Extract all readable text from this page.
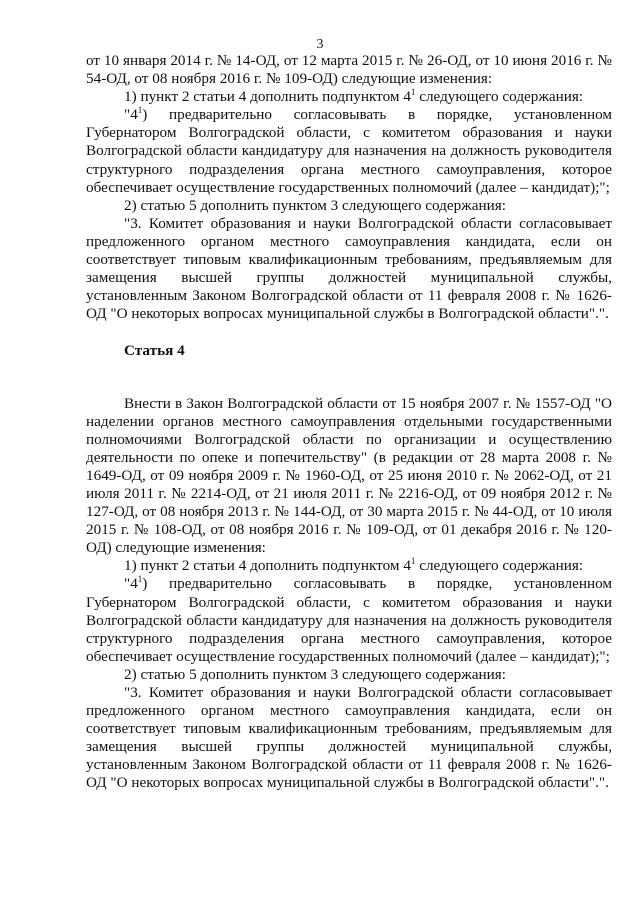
3

от 10 января 2014 г. № 14-ОД, от 12 марта 2015 г. № 26-ОД, от 10 июня 2016 г. № 54-ОД, от 08 ноября 2016 г. № 109-ОД) следующие изменения:

1) пункт 2 статьи 4 дополнить подпунктом $4^1$ следующего содержания:

"$4^1$) предварительно согласовывать в порядке, установленном Губернатором Волгоградской области, с комитетом образования и науки Волгоградской области кандидатуру для назначения на должность руководителя структурного подразделения органа местного самоуправления, которое обеспечивает осуществление государственных полномочий (далее – кандидат);";

2) статью 5 дополнить пунктом 3 следующего содержания:

"3. Комитет образования и науки Волгоградской области согласовывает предложенного органом местного самоуправления кандидата, если он соответствует типовым квалификационным требованиям, предъявляемым для замещения высшей группы должностей муниципальной службы, установленным Законом Волгоградской области от 11 февраля 2008 г. № 1626-ОД "О некоторых вопросах муниципальной службы в Волгоградской области".".

Статья 4

Внести в Закон Волгоградской области от 15 ноября 2007 г. № 1557-ОД "О наделении органов местного самоуправления отдельными государственными полномочиями Волгоградской области по организации и осуществлению деятельности по опеке и попечительству" (в редакции от 28 марта 2008 г. № 1649-ОД, от 09 ноября 2009 г. № 1960-ОД, от 25 июня 2010 г. № 2062-ОД, от 21 июля 2011 г. № 2214-ОД, от 21 июля 2011 г. № 2216-ОД, от 09 ноября 2012 г. № 127-ОД, от 08 ноября 2013 г. № 144-ОД, от 30 марта 2015 г. № 44-ОД, от 10 июля 2015 г. № 108-ОД, от 08 ноября 2016 г. № 109-ОД, от 01 декабря 2016 г. № 120-ОД) следующие изменения:

1) пункт 2 статьи 4 дополнить подпунктом $4^1$ следующего содержания:

"$4^1$) предварительно согласовывать в порядке, установленном Губернатором Волгоградской области, с комитетом образования и науки Волгоградской области кандидатуру для назначения на должность руководителя структурного подразделения органа местного самоуправления, которое обеспечивает осуществление государственных полномочий (далее – кандидат);";

2) статью 5 дополнить пунктом 3 следующего содержания:

"3. Комитет образования и науки Волгоградской области согласовывает предложенного органом местного самоуправления кандидата, если он соответствует типовым квалификационным требованиям, предъявляемым для замещения высшей группы должностей муниципальной службы, установленным Законом Волгоградской области от 11 февраля 2008 г. № 1626-ОД "О некоторых вопросах муниципальной службы в Волгоградской области".".
